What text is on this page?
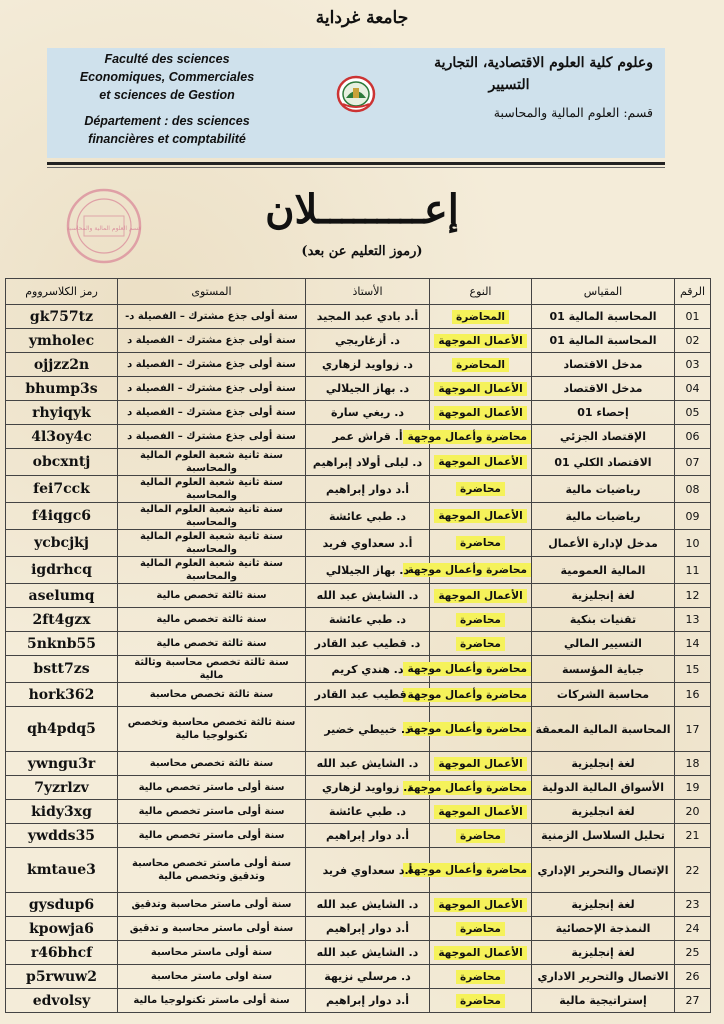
جامعة غرداية
Faculté des sciences
Economiques, Commerciales
et sciences de Gestion
Département : des sciences
financières et comptabilité
وعلوم كلية العلوم الاقتصادية، التجارية
التسيير
قسم: العلوم المالية والمحاسبة
قسم العلوم المالية والمحاسبة	إعـــــــــلان
(رموز التعليم عن بعد)
الرقم	المقياس	النوع	الأستاذ	المستوى	رمز الكلاسرووم
01	المحاسبة المالية 01	المحاضرة	أ.د بادي عبد المجيد	سنة أولى جذع مشترك – الفصيلة د-	gk757tz
02	المحاسبة المالية 01	الأعمال الموجهة	د. أزغاريجي	سنة أولى جذع مشترك – الفصيلة د	ymholec
03	مدخل الاقتصاد	المحاضرة	د. زواويد لزهاري	سنة أولى جذع مشترك – الفصيلة د	ojjzz2n
04	مدخل الاقتصاد	الأعمال الموجهة	د. بهاز الجيلالي	سنة أولى جذع مشترك – الفصيلة د	bhump3s
05	إحصاء 01	الأعمال الموجهة	د. ريغي سارة	سنة أولى جذع مشترك – الفصيلة د	rhyiqyk
06	الإقتصاد الجزئي	محاضرة وأعمال موجهة	أ. قراش عمر	سنة أولى جذع مشترك – الفصيلة د	4l3oy4c
07	الاقتصاد الكلي 01	الأعمال الموجهة	د. ليلى أولاد إبراهيم	سنة ثانية شعبة العلوم المالية والمحاسبة	obcxntj
08	رياضيات مالية	محاضرة	أ.د دوار إبراهيم	سنة ثانية شعبة العلوم المالية والمحاسبة	fei7cck
09	رياضيات مالية	الأعمال الموجهة	د. طبي عائشة	سنة ثانية شعبة العلوم المالية والمحاسبة	f4iqgc6
10	مدخل لإدارة الأعمال	محاضرة	أ.د سعداوي فريد	سنة ثانية شعبة العلوم المالية والمحاسبة	ycbcjkj
11	المالية العمومية	محاضرة وأعمال موجهة	د. بهاز الجيلالي	سنة ثانية شعبة العلوم المالية والمحاسبة	igdrhcq
12	لغة إنجليزية	الأعمال الموجهة	د. الشايش عبد الله	سنة ثالثة تخصص مالية	aselumq
13	تقنيات بنكية	محاضرة	د. طبي عائشة	سنة ثالثة تخصص مالية	2ft4gzx
14	التسيير المالي	محاضرة	د. قطيب عبد القادر	سنة ثالثة تخصص مالية	5nknb55
15	جباية المؤسسة	محاضرة وأعمال موجهة	د. هندي كريم	سنة ثالثة تخصص محاسبة وثالثة مالية	bstt7zs
16	محاسبة الشركات	محاضرة وأعمال موجهة	د. قطيب عبد القادر	سنة ثالثة تخصص محاسبة	hork362
17	المحاسبة المالية المعمقة	محاضرة وأعمال موجهة	د. خبيطي خضير	سنة ثالثة تخصص محاسبة وتخصص تكنولوجيا مالية	qh4pdq5
18	لغة إنجليزية	الأعمال الموجهة	د. الشايش عبد الله	سنة ثالثة تخصص محاسبة	ywngu3r
19	الأسواق المالية الدولية	محاضرة وأعمال موجهة	د. زواويد لزهاري	سنة أولى ماستر تخصص مالية	7yzrlzv
20	لغة انجليزية	الأعمال الموجهة	د. طبي عائشة	سنة أولى ماستر تخصص مالية	kidy3xg
21	تحليل السلاسل الزمنية	محاضرة	أ.د دوار إبراهيم	سنة أولى ماستر تخصص مالية	ywdds35
22	الإتصال والتحرير الإداري	محاضرة وأعمال موجهة	أ.د سعداوي فريد	سنة أولى ماستر تخصص محاسبة وتدقيق وتخصص مالية	kmtaue3
23	لغة إنجليزية	الأعمال الموجهة	د. الشايش عبد الله	سنة أولى ماستر محاسبة وتدقيق	gysdup6
24	النمذجة الإحصائية	محاضرة	أ.د دوار إبراهيم	سنة أولى ماستر محاسبة و تدقيق	kpowja6
25	لغة إنجليزية	الأعمال الموجهة	د. الشايش عبد الله	سنة أولى ماستر محاسبة	r46bhcf
26	الاتصال والتحرير الاداري	محاضرة	د. مرسلي نزيهة	سنة اولى ماستر محاسبة	p5rwuw2
27	إستراتيجية مالية	محاضرة	أ.د دوار إبراهيم	سنة أولى ماستر تكنولوجيا مالية	edvolsy
